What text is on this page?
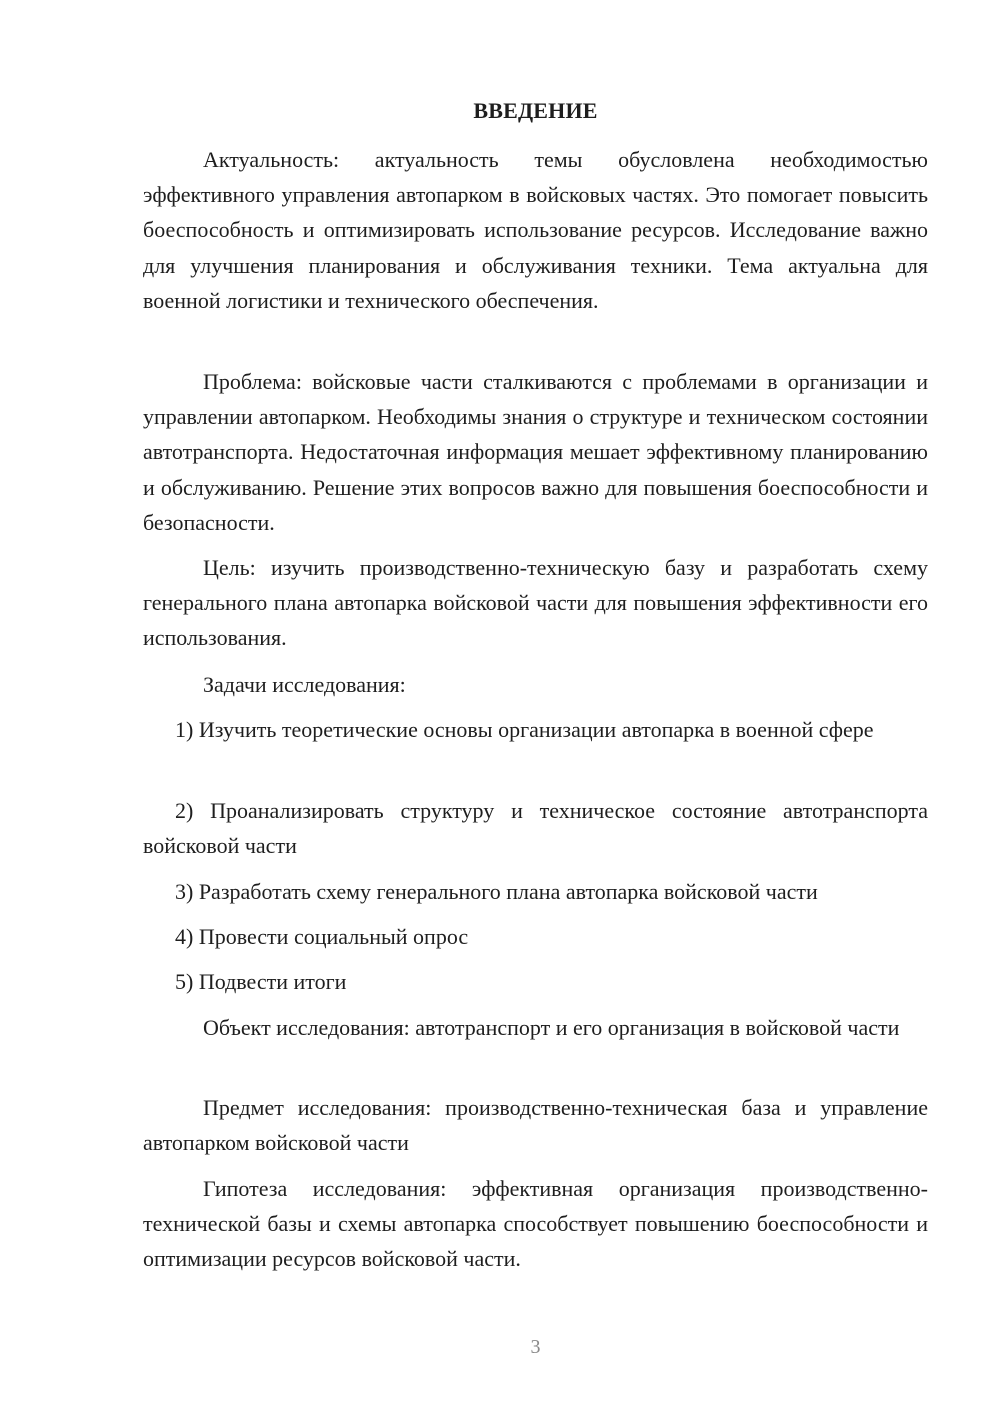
ВВЕДЕНИЕ

Актуальность: актуальность темы обусловлена необходимостью эффективного управления автопарком в войсковых частях. Это помогает повысить боеспособность и оптимизировать использование ресурсов. Исследование важно для улучшения планирования и обслуживания техники. Тема актуальна для военной логистики и технического обеспечения.

Проблема: войсковые части сталкиваются с проблемами в организации и управлении автопарком. Необходимы знания о структуре и техническом состоянии автотранспорта. Недостаточная информация мешает эффективному планированию и обслуживанию. Решение этих вопросов важно для повышения боеспособности и безопасности.

Цель: изучить производственно-техническую базу и разработать схему генерального плана автопарка войсковой части для повышения эффективности его использования.

Задачи исследования:

1) Изучить теоретические основы организации автопарка в военной сфере

2) Проанализировать структуру и техническое состояние автотранспорта войсковой части

3) Разработать схему генерального плана автопарка войсковой части

4) Провести социальный опрос

5) Подвести итоги

Объект исследования: автотранспорт и его организация в войсковой части

Предмет исследования: производственно-техническая база и управление автопарком войсковой части

Гипотеза исследования: эффективная организация производственно-технической базы и схемы автопарка способствует повышению боеспособности и оптимизации ресурсов войсковой части.

3
